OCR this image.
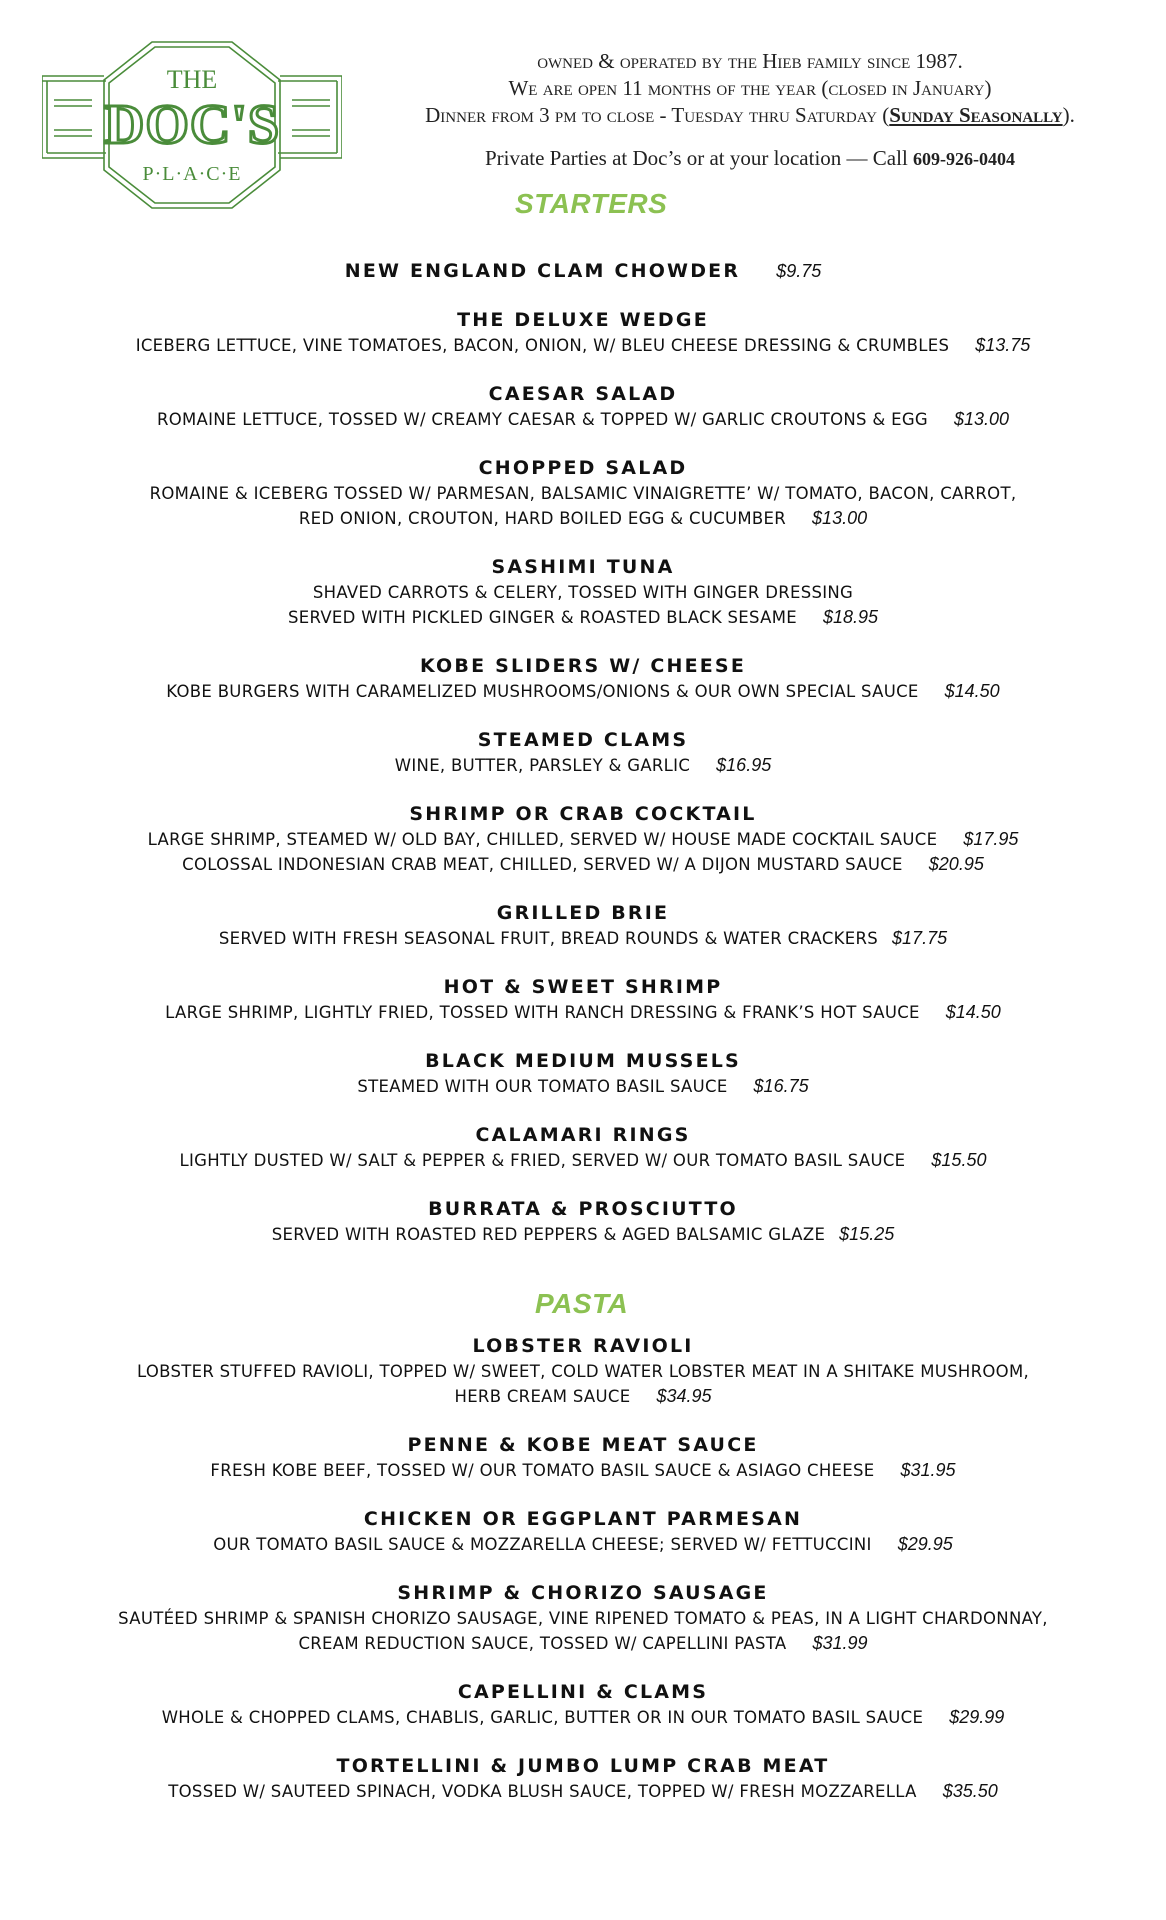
THE
DOC'S
P·L·A·C·E
owned & operated by the Hieb family since 1987.
We are open 11 months of the year (closed in January)
Dinner from 3 pm to close - Tuesday thru Saturday (Sunday Seasonally).
Private Parties at Doc’s or at your location — Call 609-926-0404
STARTERS
NEW ENGLAND CLAM CHOWDER $9.75
THE DELUXE WEDGE
ICEBERG LETTUCE, VINE TOMATOES, BACON, ONION, W/ BLEU CHEESE DRESSING & CRUMBLES $13.75
CAESAR SALAD
ROMAINE LETTUCE, TOSSED W/ CREAMY CAESAR & TOPPED W/ GARLIC CROUTONS & EGG $13.00
CHOPPED SALAD
ROMAINE & ICEBERG TOSSED W/ PARMESAN, BALSAMIC VINAIGRETTE’ W/ TOMATO, BACON, CARROT,
RED ONION, CROUTON, HARD BOILED EGG & CUCUMBER $13.00
SASHIMI TUNA
SHAVED CARROTS & CELERY, TOSSED WITH GINGER DRESSING
SERVED WITH PICKLED GINGER & ROASTED BLACK SESAME $18.95
KOBE SLIDERS W/ CHEESE
KOBE BURGERS WITH CARAMELIZED MUSHROOMS/ONIONS & OUR OWN SPECIAL SAUCE $14.50
STEAMED CLAMS
WINE, BUTTER, PARSLEY & GARLIC $16.95
SHRIMP OR CRAB COCKTAIL
LARGE SHRIMP, STEAMED W/ OLD BAY, CHILLED, SERVED W/ HOUSE MADE COCKTAIL SAUCE $17.95
COLOSSAL INDONESIAN CRAB MEAT, CHILLED, SERVED W/ A DIJON MUSTARD SAUCE $20.95
GRILLED BRIE
SERVED WITH FRESH SEASONAL FRUIT, BREAD ROUNDS & WATER CRACKERS $17.75
HOT & SWEET SHRIMP
LARGE SHRIMP, LIGHTLY FRIED, TOSSED WITH RANCH DRESSING & FRANK’S HOT SAUCE $14.50
BLACK MEDIUM MUSSELS
STEAMED WITH OUR TOMATO BASIL SAUCE $16.75
CALAMARI RINGS
LIGHTLY DUSTED W/ SALT & PEPPER & FRIED, SERVED W/ OUR TOMATO BASIL SAUCE $15.50
BURRATA & PROSCIUTTO
SERVED WITH ROASTED RED PEPPERS & AGED BALSAMIC GLAZE $15.25
PASTA
LOBSTER RAVIOLI
LOBSTER STUFFED RAVIOLI, TOPPED W/ SWEET, COLD WATER LOBSTER MEAT IN A SHITAKE MUSHROOM,
HERB CREAM SAUCE $34.95
PENNE & KOBE MEAT SAUCE
FRESH KOBE BEEF, TOSSED W/ OUR TOMATO BASIL SAUCE & ASIAGO CHEESE $31.95
CHICKEN OR EGGPLANT PARMESAN
OUR TOMATO BASIL SAUCE & MOZZARELLA CHEESE; SERVED W/ FETTUCCINI $29.95
SHRIMP & CHORIZO SAUSAGE
SAUTÉED SHRIMP & SPANISH CHORIZO SAUSAGE, VINE RIPENED TOMATO & PEAS, IN A LIGHT CHARDONNAY,
CREAM REDUCTION SAUCE, TOSSED W/ CAPELLINI PASTA $31.99
CAPELLINI & CLAMS
WHOLE & CHOPPED CLAMS, CHABLIS, GARLIC, BUTTER OR IN OUR TOMATO BASIL SAUCE $29.99
TORTELLINI & JUMBO LUMP CRAB MEAT
TOSSED W/ SAUTEED SPINACH, VODKA BLUSH SAUCE, TOPPED W/ FRESH MOZZARELLA $35.50
